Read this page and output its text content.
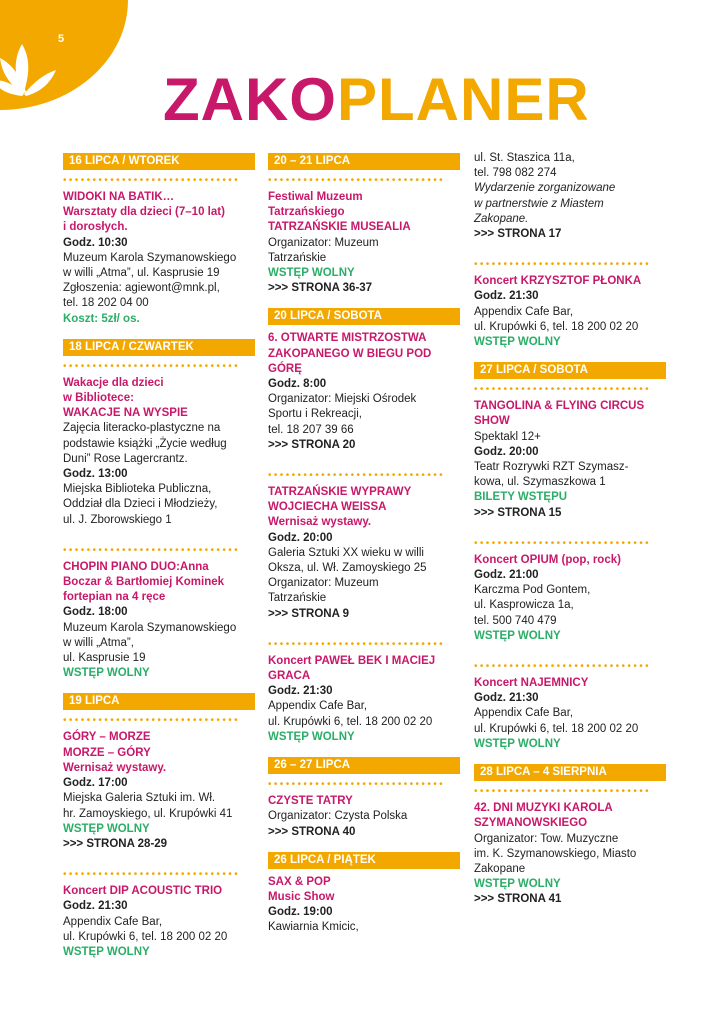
5
ZAKO PLANER
16 LIPCA / WTOREK
••••••••••••••••••••••••••••••
WIDOKI NA BATIK…
Warsztaty dla dzieci (7–10 lat)
i dorosłych.
Godz. 10:30
Muzeum Karola Szymanowskiego
w willi „Atma”, ul. Kasprusie 19
Zgłoszenia: agiewont@mnk.pl,
tel. 18 202 04 00
Koszt: 5zł/ os.
18 LIPCA / CZWARTEK
••••••••••••••••••••••••••••••
Wakacje dla dzieci
w Bibliotece:
WAKACJE NA WYSPIE
Zajęcia literacko-plastyczne na
podstawie książki „Życie według
Duni” Rose Lagercrantz.
Godz. 13:00
Miejska Biblioteka Publiczna,
Oddział dla Dzieci i Młodzieży,
ul. J. Zborowskiego 1
••••••••••••••••••••••••••••••
CHOPIN PIANO DUO:Anna
Boczar & Bartłomiej Kominek
fortepian na 4 ręce
Godz. 18:00
Muzeum Karola Szymanowskiego
w willi „Atma”,
ul. Kasprusie 19
WSTĘP WOLNY
19 LIPCA
••••••••••••••••••••••••••••••
GÓRY – MORZE
MORZE – GÓRY
Wernisaż wystawy.
Godz. 17:00
Miejska Galeria Sztuki im. Wł.
hr. Zamoyskiego, ul. Krupówki 41
WSTĘP WOLNY
>>> STRONA 28-29
••••••••••••••••••••••••••••••
Koncert DIP ACOUSTIC TRIO
Godz. 21:30
Appendix Cafe Bar,
ul. Krupówki 6, tel. 18 200 02 20
WSTĘP WOLNY
20 – 21 LIPCA
••••••••••••••••••••••••••••••
Festiwal Muzeum
Tatrzańskiego
TATRZAŃSKIE MUSEALIA
Organizator: Muzeum
Tatrzańskie
WSTĘP WOLNY
>>> STRONA 36-37
20 LIPCA / SOBOTA
6. OTWARTE MISTRZOSTWA
ZAKOPANEGO W BIEGU POD
GÓRĘ
Godz. 8:00
Organizator: Miejski Ośrodek
Sportu i Rekreacji,
tel. 18 207 39 66
>>> STRONA 20
••••••••••••••••••••••••••••••
TATRZAŃSKIE WYPRAWY
WOJCIECHA WEISSA
Wernisaż wystawy.
Godz. 20:00
Galeria Sztuki XX wieku w willi
Oksza, ul. Wł. Zamoyskiego 25
Organizator: Muzeum
Tatrzańskie
>>> STRONA 9
••••••••••••••••••••••••••••••
Koncert PAWEŁ BEK I MACIEJ
GRACA
Godz. 21:30
Appendix Cafe Bar,
ul. Krupówki 6, tel. 18 200 02 20
WSTĘP WOLNY
26 – 27 LIPCA
••••••••••••••••••••••••••••••
CZYSTE TATRY
Organizator: Czysta Polska
>>> STRONA 40
26 LIPCA / PIĄTEK
SAX & POP
Music Show
Godz. 19:00
Kawiarnia Kmicic,
ul. St. Staszica 11a,
tel. 798 082 274
Wydarzenie zorganizowane
w partnerstwie z Miastem
Zakopane.
>>> STRONA 17
••••••••••••••••••••••••••••••
Koncert KRZYSZTOF PŁONKA
Godz. 21:30
Appendix Cafe Bar,
ul. Krupówki 6, tel. 18 200 02 20
WSTĘP WOLNY
27 LIPCA / SOBOTA
••••••••••••••••••••••••••••••
TANGOLINA & FLYING CIRCUS
SHOW
Spektakl 12+
Godz. 20:00
Teatr Rozrywki RZT Szymasz-
kowa, ul. Szymaszkowa 1
BILETY WSTĘPU
>>> STRONA 15
••••••••••••••••••••••••••••••
Koncert OPIUM (pop, rock)
Godz. 21:00
Karczma Pod Gontem,
ul. Kasprowicza 1a,
tel. 500 740 479
WSTĘP WOLNY
••••••••••••••••••••••••••••••
Koncert NAJEMNICY
Godz. 21:30
Appendix Cafe Bar,
ul. Krupówki 6, tel. 18 200 02 20
WSTĘP WOLNY
28 LIPCA – 4 SIERPNIA
••••••••••••••••••••••••••••••
42. DNI MUZYKI KAROLA
SZYMANOWSKIEGO
Organizator: Tow. Muzyczne
im. K. Szymanowskiego, Miasto
Zakopane
WSTĘP WOLNY
>>> STRONA 41
